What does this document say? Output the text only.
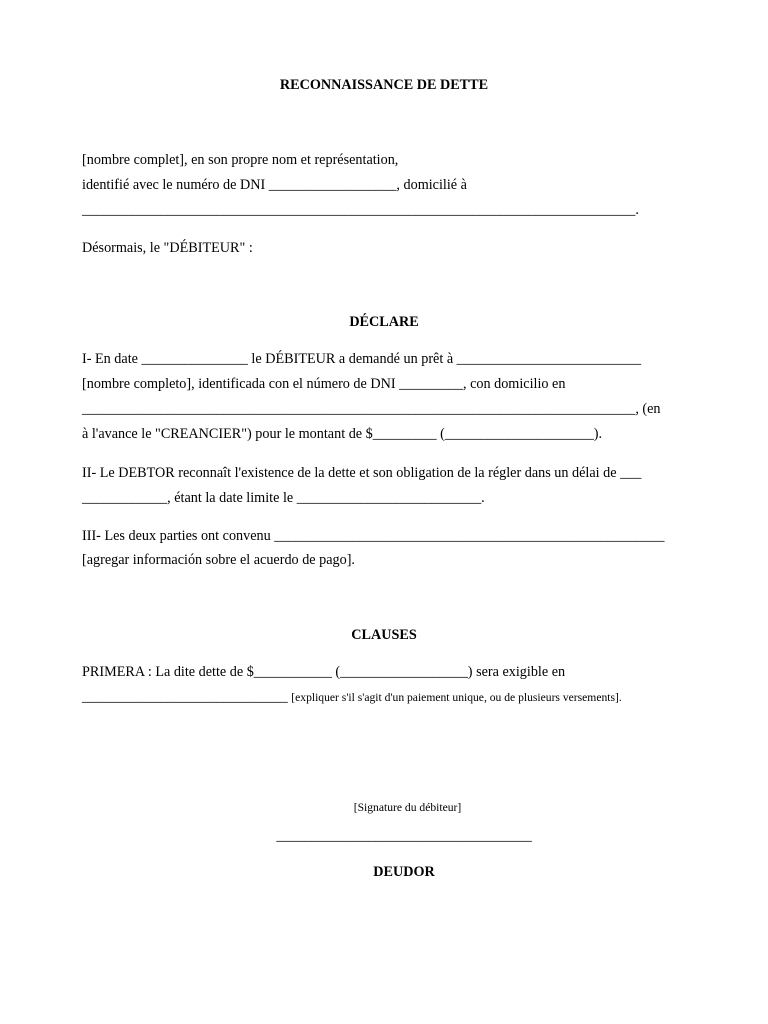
RECONNAISSANCE DE DETTE
[nombre complet], en son propre nom et représentation,
identifié avec le numéro de DNI __________________, domicilié à
______________________________________________________________________________.
Désormais, le "DÉBITEUR" :
DÉCLARE
I- En date _______________ le DÉBITEUR a demandé un prêt à __________________________
[nombre completo], identificada con el número de DNI _________, con domicilio en
______________________________________________________________________________, (en
à l'avance le "CREANCIER") pour le montant de $_________ (_____________________).
II- Le DEBTOR reconnaît l'existence de la dette et son obligation de la régler dans un délai de ___
____________, étant la date limite le __________________________.
III- Les deux parties ont convenu _______________________________________________________
[agregar información sobre el acuerdo de pago].
CLAUSES
PRIMERA : La dite dette de $___________ (__________________) sera exigible en
_____________________________ [expliquer s'il s'agit d'un paiement unique, ou de plusieurs versements].
[Signature du débiteur]
____________________________________
DEUDOR
